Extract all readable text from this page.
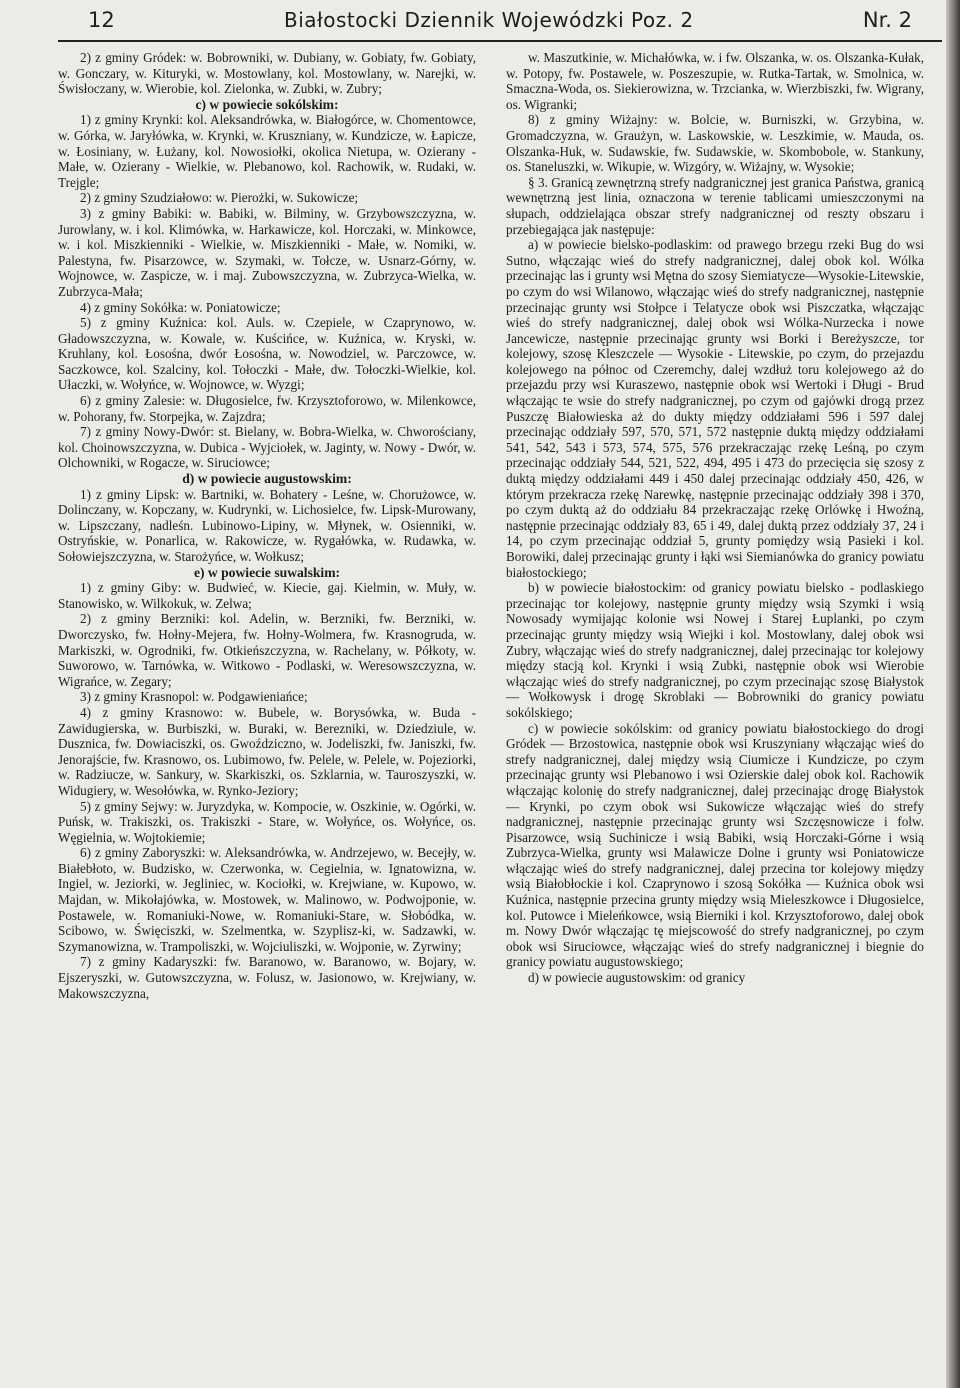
12	Białostocki Dziennik Wojewódzki Poz. 2	Nr. 2

2) z gminy Gródek: w. Bobrowniki, w. Dubiany, w. Gobiaty, fw. Gobiaty, w. Gonczary, w. Kituryki, w. Mostowlany, kol. Mostowlany, w. Narejki, w. Świsłoczany, w. Wierobie, kol. Zielonka, w. Zubki, w. Zubry;

c) w powiecie sokólskim:

1) z gminy Krynki: kol. Aleksandrówka, w. Białogórce, w. Chomentowce, w. Górka, w. Jaryłówka, w. Krynki, w. Kruszniany, w. Kundzicze, w. Łapicze, w. Łosiniany, w. Łużany, kol. Nowosiołki, okolica Nietupa, w. Ozierany - Małe, w. Ozierany - Wielkie, w. Plebanowo, kol. Rachowik, w. Rudaki, w. Trejgle;

2) z gminy Szudziałowo: w. Pierożki, w. Sukowicze;

3) z gminy Babiki: w. Babiki, w. Bilminy, w. Grzybowszczyzna, w. Jurowlany, w. i kol. Klimówka, w. Harkawicze, kol. Horczaki, w. Minkowce, w. i kol. Miszkienniki - Wielkie, w. Miszkienniki - Małe, w. Nomiki, w. Palestyna, fw. Pisarzowce, w. Szymaki, w. Tołcze, w. Usnarz-Górny, w. Wojnowce, w. Zaspicze, w. i maj. Zubowszczyzna, w. Zubrzyca-Wielka, w. Zubrzyca-Mała;

4) z gminy Sokółka: w. Poniatowicze;

5) z gminy Kuźnica: kol. Auls. w. Czepiele, w Czaprynowo, w. Gładowszczyzna, w. Kowale, w. Kuścińce, w. Kuźnica, w. Kryski, w. Kruhlany, kol. Łosośna, dwór Łosośna, w. Nowodziel, w. Parczowce, w. Saczkowce, kol. Szalciny, kol. Tołoczki - Małe, dw. Tołoczki-Wielkie, kol. Ułaczki, w. Wołyńce, w. Wojnowce, w. Wyzgi;

6) z gminy Zalesie: w. Długosielce, fw. Krzysztoforowo, w. Milenkowce, w. Pohorany, fw. Storpejka, w. Zajzdra;

7) z gminy Nowy-Dwór: st. Bielany, w. Bobra-Wielka, w. Chworościany, kol. Choinowszczyzna, w. Dubica - Wyjciołek, w. Jaginty, w. Nowy - Dwór, w. Olchowniki, w Rogacze, w. Siruciowce;

d) w powiecie augustowskim:

1) z gminy Lipsk: w. Bartniki, w. Bohatery - Leśne, w. Chorużowce, w. Dolinczany, w. Kopczany, w. Kudrynki, w. Lichosielce, fw. Lipsk-Murowany, w. Lipszczany, nadleśn. Lubinowo-Lipiny, w. Młynek, w. Osienniki, w. Ostryńskie, w. Ponarlica, w. Rakowicze, w. Rygałówka, w. Rudawka, w. Sołowiejszczyzna, w. Starożyńce, w. Wołkusz;

e) w powiecie suwalskim:

1) z gminy Giby: w. Budwieć, w. Kiecie, gaj. Kielmin, w. Muły, w. Stanowisko, w. Wilkokuk, w. Zelwa;

2) z gminy Berzniki: kol. Adelin, w. Berzniki, fw. Berzniki, w. Dworczysko, fw. Hołny-Mejera, fw. Hołny-Wolmera, fw. Krasnogruda, w. Markiszki, w. Ogrodniki, fw. Otkieńszczyzna, w. Rachelany, w. Półkoty, w. Suworowo, w. Tarnówka, w. Witkowo - Podlaski, w. Weresowszczyzna, w. Wigrańce, w. Zegary;

3) z gminy Krasnopol: w. Podgawieniańce;

4) z gminy Krasnowo: w. Bubele, w. Borysówka, w. Buda - Zawidugierska, w. Burbiszki, w. Buraki, w. Berezniki, w. Dziedziule, w. Dusznica, fw. Dowiaciszki, os. Gwoździczno, w. Jodeliszki, fw. Janiszki, fw. Jenorajście, fw. Krasnowo, os. Lubimowo, fw. Pelele, w. Pelele, w. Pojeziorki, w. Radziucze, w. Sankury, w. Skarkiszki, os. Szklarnia, w. Tauroszyszki, w. Widugiery, w. Wesołówka, w. Rynko-Jeziory;

5) z gminy Sejwy: w. Juryzdyka, w. Kompocie, w. Oszkinie, w. Ogórki, w. Puńsk, w. Trakiszki, os. Trakiszki - Stare, w. Wołyńce, os. Wołyńce, os. Węgielnia, w. Wojtokiemie;

6) z gminy Zaboryszki: w. Aleksandrówka, w. Andrzejewo, w. Becejły, w. Białebłoto, w. Budzisko, w. Czerwonka, w. Cegielnia, w. Ignatowizna, w. Ingiel, w. Jeziorki, w. Jegliniec, w. Kociołki, w. Krejwiane, w. Kupowo, w. Majdan, w. Mikołajówka, w. Mostowek, w. Malinowo, w. Podwojponie, w. Postawele, w. Romaniuki-Nowe, w. Romaniuki-Stare, w. Słobódka, w. Scibowo, w. Święciszki, w. Szelmentka, w. Szyplisz-ki, w. Sadzawki, w. Szymanowizna, w. Trampoliszki, w. Wojciuliszki, w. Wojponie, w. Zyrwiny;

7) z gminy Kadaryszki: fw. Baranowo, w. Baranowo, w. Bojary, w. Ejszeryszki, w. Gutowszczyzna, w. Folusz, w. Jasionowo, w. Krejwiany, w. Makowszczyzna,

w. Maszutkinie, w. Michałówka, w. i fw. Olszanka, w. os. Olszanka-Kułak, w. Potopy, fw. Postawele, w. Poszeszupie, w. Rutka-Tartak, w. Smolnica, w. Smaczna-Woda, os. Siekierowizna, w. Trzcianka, w. Wierzbiszki, fw. Wigrany, os. Wigranki;

8) z gminy Wiżajny: w. Bolcie, w. Burniszki, w. Grzybina, w. Gromadczyzna, w. Graużyn, w. Laskowskie, w. Leszkimie, w. Mauda, os. Olszanka-Huk, w. Sudawskie, fw. Sudawskie, w. Skombobole, w. Stankuny, os. Staneluszki, w. Wikupie, w. Wizgóry, w. Wiżajny, w. Wysokie;

§ 3. Granicą zewnętrzną strefy nadgranicznej jest granica Państwa, granicą wewnętrzną jest linia, oznaczona w terenie tablicami umieszczonymi na słupach, oddzielająca obszar strefy nadgranicznej od reszty obszaru i przebiegająca jak następuje:

a) w powiecie bielsko-podlaskim: od prawego brzegu rzeki Bug do wsi Sutno, włączając wieś do strefy nadgranicznej, dalej obok kol. Wólka przecinając las i grunty wsi Mętna do szosy Siemiatycze—Wysokie-Litewskie, po czym do wsi Wilanowo, włączając wieś do strefy nadgranicznej, następnie przecinając grunty wsi Stołpce i Telatycze obok wsi Piszczatka, włączając wieś do strefy nadgranicznej, dalej obok wsi Wólka-Nurzecka i nowe Jancewicze, następnie przecinając grunty wsi Borki i Bereżyszcze, tor kolejowy, szosę Kleszczele — Wysokie - Litewskie, po czym, do przejazdu kolejowego na północ od Czeremchy, dalej wzdłuż toru kolejowego aż do przejazdu przy wsi Kuraszewo, następnie obok wsi Wertoki i Długi - Brud włączając te wsie do strefy nadgranicznej, po czym od gajówki drogą przez Puszczę Białowieska aż do dukty między oddziałami 596 i 597 dalej przecinając oddziały 597, 570, 571, 572 następnie duktą między oddziałami 541, 542, 543 i 573, 574, 575, 576 przekraczając rzekę Leśną, po czym przecinając oddziały 544, 521, 522, 494, 495 i 473 do przecięcia się szosy z duktą między oddziałami 449 i 450 dalej przecinając oddziały 450, 426, w którym przekracza rzekę Narewkę, następnie przecinając oddziały 398 i 370, po czym duktą aż do oddziału 84 przekraczając rzekę Orlówkę i Hwoźną, następnie przecinając oddziały 83, 65 i 49, dalej duktą przez oddziały 37, 24 i 14, po czym przecinając oddział 5, grunty pomiędzy wsią Pasieki i kol. Borowiki, dalej przecinając grunty i łąki wsi Siemianówka do granicy powiatu białostockiego;

b) w powiecie białostockim: od granicy powiatu bielsko - podlaskiego przecinając tor kolejowy, następnie grunty między wsią Szymki i wsią Nowosady wymijając kolonie wsi Nowej i Starej Łuplanki, po czym przecinając grunty między wsią Wiejki i kol. Mostowlany, dalej obok wsi Zubry, włączając wieś do strefy nadgranicznej, dalej przecinając tor kolejowy między stacją kol. Krynki i wsią Zubki, następnie obok wsi Wierobie włączając wieś do strefy nadgranicznej, po czym przecinając szosę Białystok — Wołkowysk i drogę Skroblaki — Bobrowniki do granicy powiatu sokólskiego;

c) w powiecie sokólskim: od granicy powiatu białostockiego do drogi Gródek — Brzostowica, następnie obok wsi Kruszyniany włączając wieś do strefy nadgranicznej, dalej między wsią Ciumicze i Kundzicze, po czym przecinając grunty wsi Plebanowo i wsi Ozierskie dalej obok kol. Rachowik włączając kolonię do strefy nadgranicznej, dalej przecinając drogę Białystok — Krynki, po czym obok wsi Sukowicze włączając wieś do strefy nadgranicznej, następnie przecinając grunty wsi Szczęsnowicze i folw. Pisarzowce, wsią Suchinicze i wsią Babiki, wsią Horczaki-Górne i wsią Zubrzyca-Wielka, grunty wsi Malawicze Dolne i grunty wsi Poniatowicze włączając wieś do strefy nadgranicznej, dalej przecina tor kolejowy między wsią Białobłockie i kol. Czaprynowo i szosą Sokółka — Kuźnica obok wsi Kuźnica, następnie przecina grunty między wsią Mieleszkowce i Długosielce, kol. Putowce i Mieleńkowce, wsią Bierniki i kol. Krzysztoforowo, dalej obok m. Nowy Dwór włączając tę miejscowość do strefy nadgranicznej, po czym obok wsi Siruciowce, włączając wieś do strefy nadgranicznej i biegnie do granicy powiatu augustowskiego;

d) w powiecie augustowskim: od granicy
